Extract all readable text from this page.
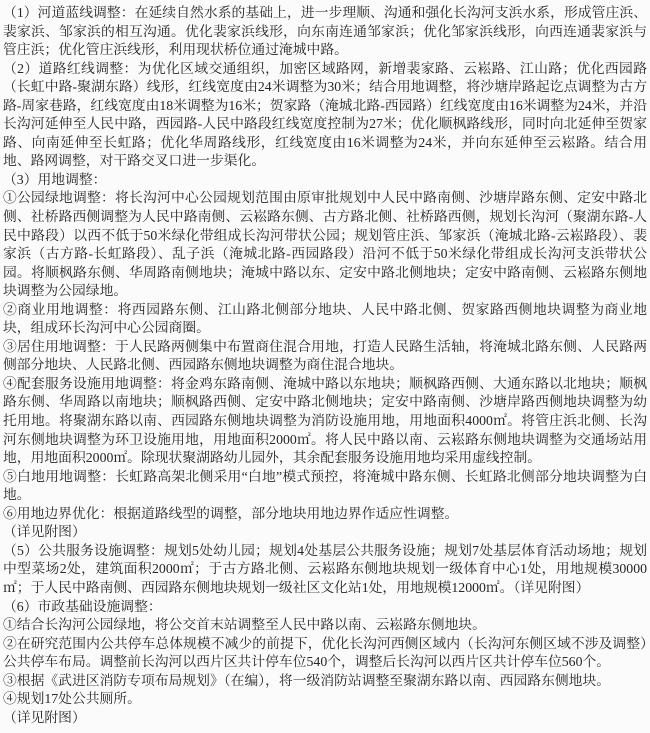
（1）河道蓝线调整：在延续自然水系的基础上，进一步理顺、沟通和强化长沟河支浜水系，形成管庄浜、裴家浜、邹家浜的相互沟通。优化裴家浜线形，向东南连通邹家浜；优化邹家浜线形，向西连通裴家浜与管庄浜；优化管庄浜线形，利用现状桥位通过淹城中路。

（2）道路红线调整：为优化区域交通组织，加密区域路网，新增裴家路、云崧路、江山路；优化西园路（长虹中路-聚湖东路）线形，红线宽度由24米调整为30米；结合用地调整，将沙塘岸路起讫点调整为古方路-周家巷路，红线宽度由18米调整为16米；贺家路（淹城北路-西园路）红线宽度由16米调整为24米，并沿长沟河延伸至人民中路，西园路-人民中路段红线宽度控制为27米；优化顺枫路线形，同时向北延伸至贺家路、向南延伸至长虹路；优化华周路线形，红线宽度由16米调整为24米，并向东延伸至云崧路。结合用地、路网调整，对干路交叉口进一步渠化。

（3）用地调整：

①公园绿地调整：将长沟河中心公园规划范围由原审批规划中人民中路南侧、沙塘岸路东侧、定安中路北侧、社桥路西侧调整为人民中路南侧、云崧路东侧、古方路北侧、社桥路西侧，规划长沟河（聚湖东路-人民中路段）以西不低于50米绿化带组成长沟河带状公园；规划管庄浜、邹家浜（淹城北路-云崧路段）、裴家浜（古方路-长虹路段）、乱子浜（淹城北路-西园路段）沿河不低于50米绿化带组成长沟河支浜带状公园。将顺枫路东侧、华周路南侧地块；淹城中路以东、定安中路北侧地块；定安中路南侧、云崧路东侧地块调整为公园绿地。

②商业用地调整：将西园路东侧、江山路北侧部分地块、人民中路北侧、贺家路西侧地块调整为商业地块，组成环长沟河中心公园商圈。

③居住用地调整：于人民路两侧集中布置商住混合用地，打造人民路生活轴，将淹城北路东侧、人民路两侧部分地块、人民路北侧、西园路东侧地块调整为商住混合地块。

④配套服务设施用地调整：将金鸡东路南侧、淹城中路以东地块；顺枫路西侧、大通东路以北地块；顺枫路东侧、华周路以南地块；顺枫路西侧、定安中路北侧地块；定安中路南侧、沙塘岸路西侧地块调整为幼托用地。将聚湖东路以南、西园路东侧地块调整为消防设施用地，用地面积4000㎡。将管庄浜北侧、长沟河东侧地块调整为环卫设施用地，用地面积2000㎡。将人民中路以南、云崧路东侧地块调整为交通场站用地，用地面积2000㎡。除现状聚湖路幼儿园外，其余配套服务设施用地均采用虚线控制。

⑤白地用地调整：长虹路高架北侧采用“白地”模式预控，将淹城中路东侧、长虹路北侧部分地块调整为白地。

⑥用地边界优化：根据道路线型的调整，部分地块用地边界作适应性调整。

（详见附图）

（5）公共服务设施调整：规划5处幼儿园；规划4处基层公共服务设施；规划7处基层体育活动场地；规划中型菜场2处，建筑面积2000㎡；于古方路北侧、云崧路东侧地块规划一级体育中心1处，用地规模30000㎡；于人民中路南侧、西园路东侧地块规划一级社区文化站1处，用地规模12000㎡。（详见附图）

（6）市政基础设施调整：

①结合长沟河公园绿地，将公交首末站调整至人民中路以南、云崧路东侧地块。

②在研究范围内公共停车总体规模不减少的前提下，优化长沟河西侧区域内（长沟河东侧区域不涉及调整）公共停车布局。调整前长沟河以西片区共计停车位540个，调整后长沟河以西片区共计停车位560个。

③根据《武进区消防专项布局规划》（在编），将一级消防站调整至聚湖东路以南、西园路东侧地块。

④规划17处公共厕所。

（详见附图）
